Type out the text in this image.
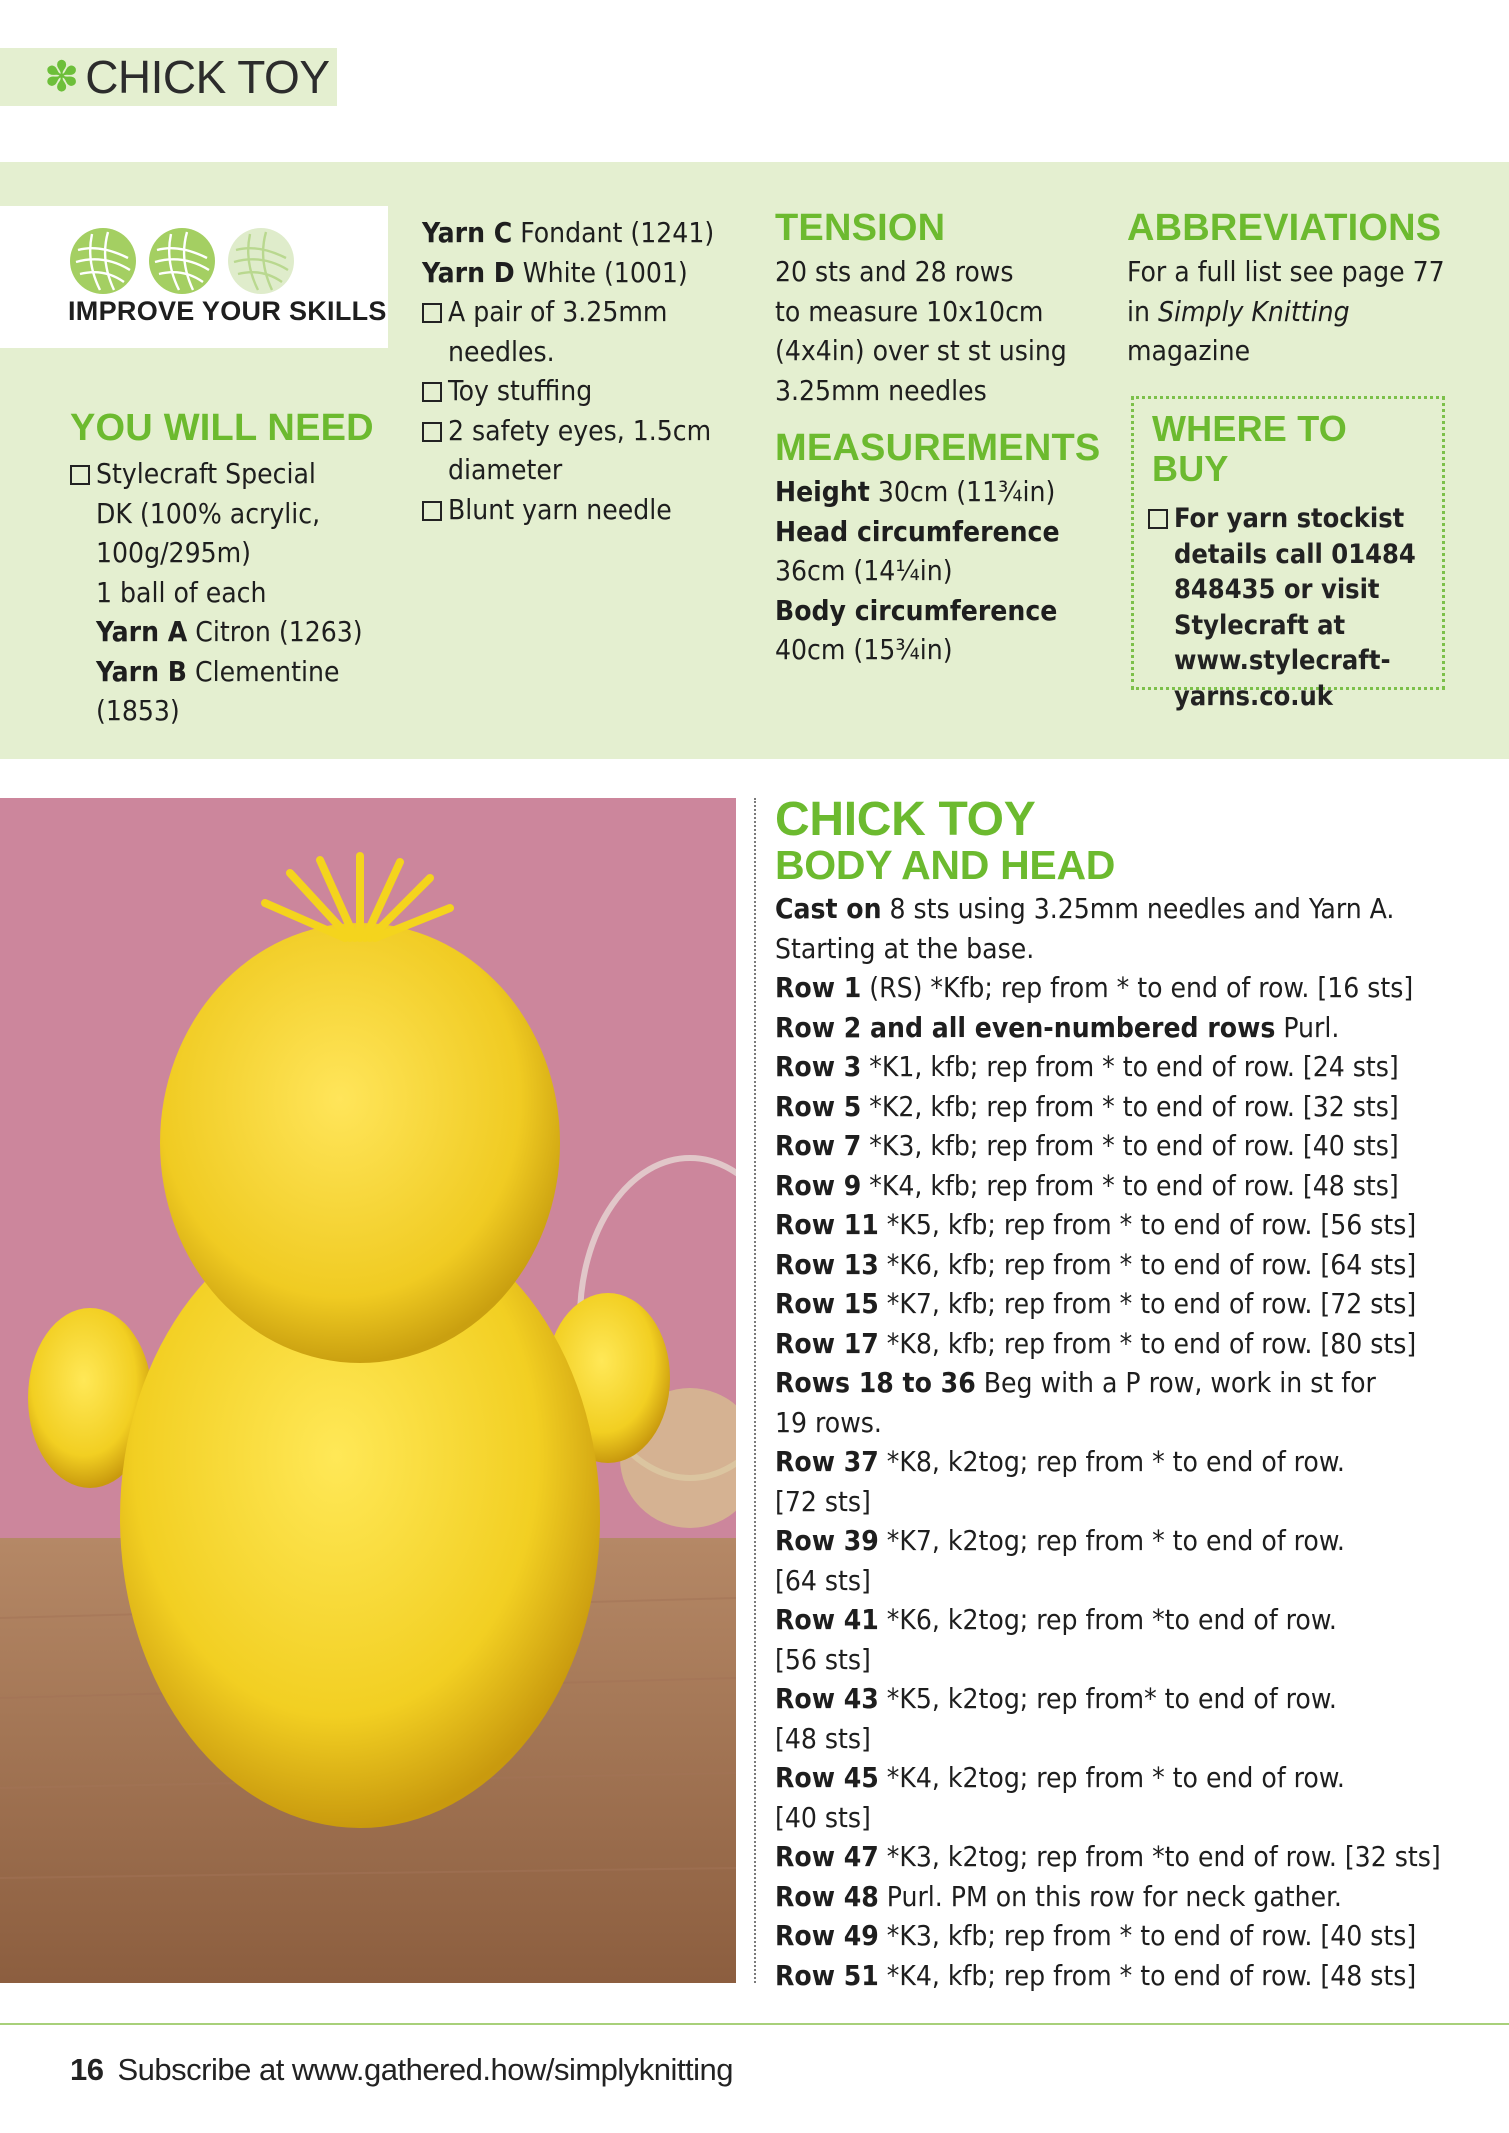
✽ CHICK TOY
IMPROVE YOUR SKILLS
YOU WILL NEED
Stylecraft Special
DK (100% acrylic,
100g/295m)
1 ball of each
Yarn A Citron (1263)
Yarn B Clementine
(1853)
Yarn C Fondant (1241)
Yarn D White (1001)
A pair of 3.25mm
needles.
Toy stuffing
2 safety eyes, 1.5cm
diameter
Blunt yarn needle
TENSION
20 sts and 28 rows
to measure 10x10cm
(4x4in) over st st using
3.25mm needles
MEASUREMENTS
Height 30cm (11¾in)
Head circumference
36cm (14¼in)
Body circumference
40cm (15¾in)
ABBREVIATIONS
For a full list see page 77
in Simply Knitting
magazine
WHERE TO BUY
For yarn stockist
details call 01484
848435 or visit
Stylecraft at
www.stylecraft-
yarns.co.uk
CHICK TOY
BODY AND HEAD
Cast on 8 sts using 3.25mm needles and Yarn A.
Starting at the base.
Row 1 (RS) *Kfb; rep from * to end of row. [16 sts]
Row 2 and all even-numbered rows Purl.
Row 3 *K1, kfb; rep from * to end of row. [24 sts]
Row 5 *K2, kfb; rep from * to end of row. [32 sts]
Row 7 *K3, kfb; rep from * to end of row. [40 sts]
Row 9 *K4, kfb; rep from * to end of row. [48 sts]
Row 11 *K5, kfb; rep from * to end of row. [56 sts]
Row 13 *K6, kfb; rep from * to end of row. [64 sts]
Row 15 *K7, kfb; rep from * to end of row. [72 sts]
Row 17 *K8, kfb; rep from * to end of row. [80 sts]
Rows 18 to 36 Beg with a P row, work in st for
19 rows.
Row 37 *K8, k2tog; rep from * to end of row.
[72 sts]
Row 39 *K7, k2tog; rep from * to end of row.
[64 sts]
Row 41 *K6, k2tog; rep from *to end of row.
[56 sts]
Row 43 *K5, k2tog; rep from* to end of row.
[48 sts]
Row 45 *K4, k2tog; rep from * to end of row.
[40 sts]
Row 47 *K3, k2tog; rep from *to end of row. [32 sts]
Row 48 Purl. PM on this row for neck gather.
Row 49 *K3, kfb; rep from * to end of row. [40 sts]
Row 51 *K4, kfb; rep from * to end of row. [48 sts]
16 Subscribe at www.gathered.how/simplyknitting
